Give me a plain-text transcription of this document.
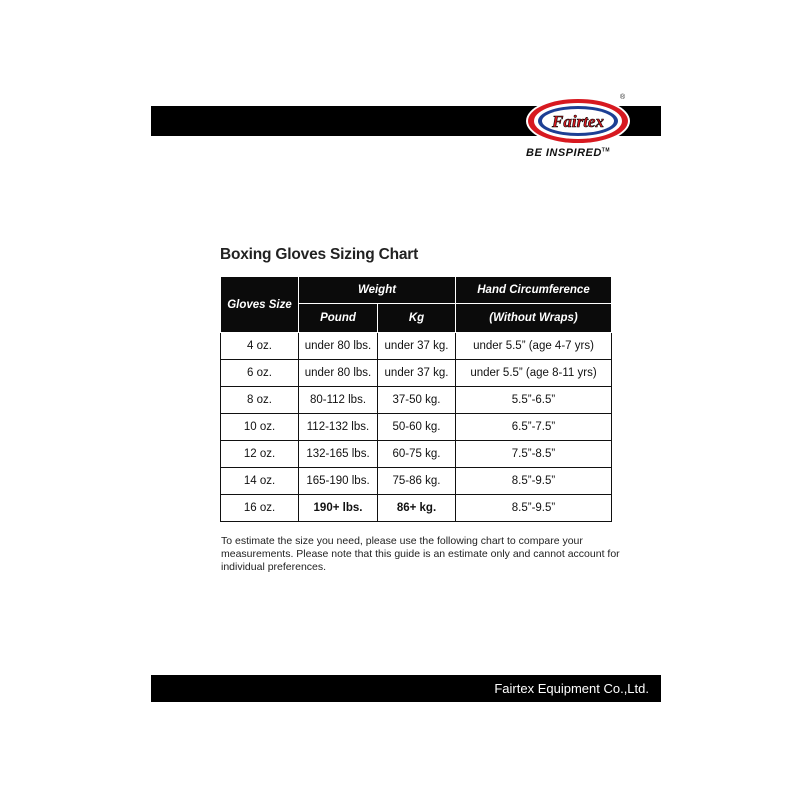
Fairtex
®
BE INSPIRED™
Boxing Gloves Sizing Chart
Gloves Size	Weight		Hand Circumference
	Pound	Kg	(Without Wraps)
4 oz.	under 80 lbs.	under 37 kg.	under 5.5” (age 4-7 yrs)
6 oz.	under 80 lbs.	under 37 kg.	under 5.5” (age 8-11 yrs)
8 oz.	80-112 lbs.	37-50 kg.	5.5”-6.5”
10 oz.	112-132 lbs.	50-60 kg.	6.5”-7.5”
12 oz.	132-165 lbs.	60-75 kg.	7.5”-8.5”
14 oz.	165-190 lbs.	75-86 kg.	8.5”-9.5”
16 oz.	190+ lbs.	86+ kg.	8.5”-9.5”
To estimate the size you need, please use the following chart to compare your measurements. Please note that this guide is an estimate only and cannot account for individual preferences.
Fairtex Equipment Co.,Ltd.
